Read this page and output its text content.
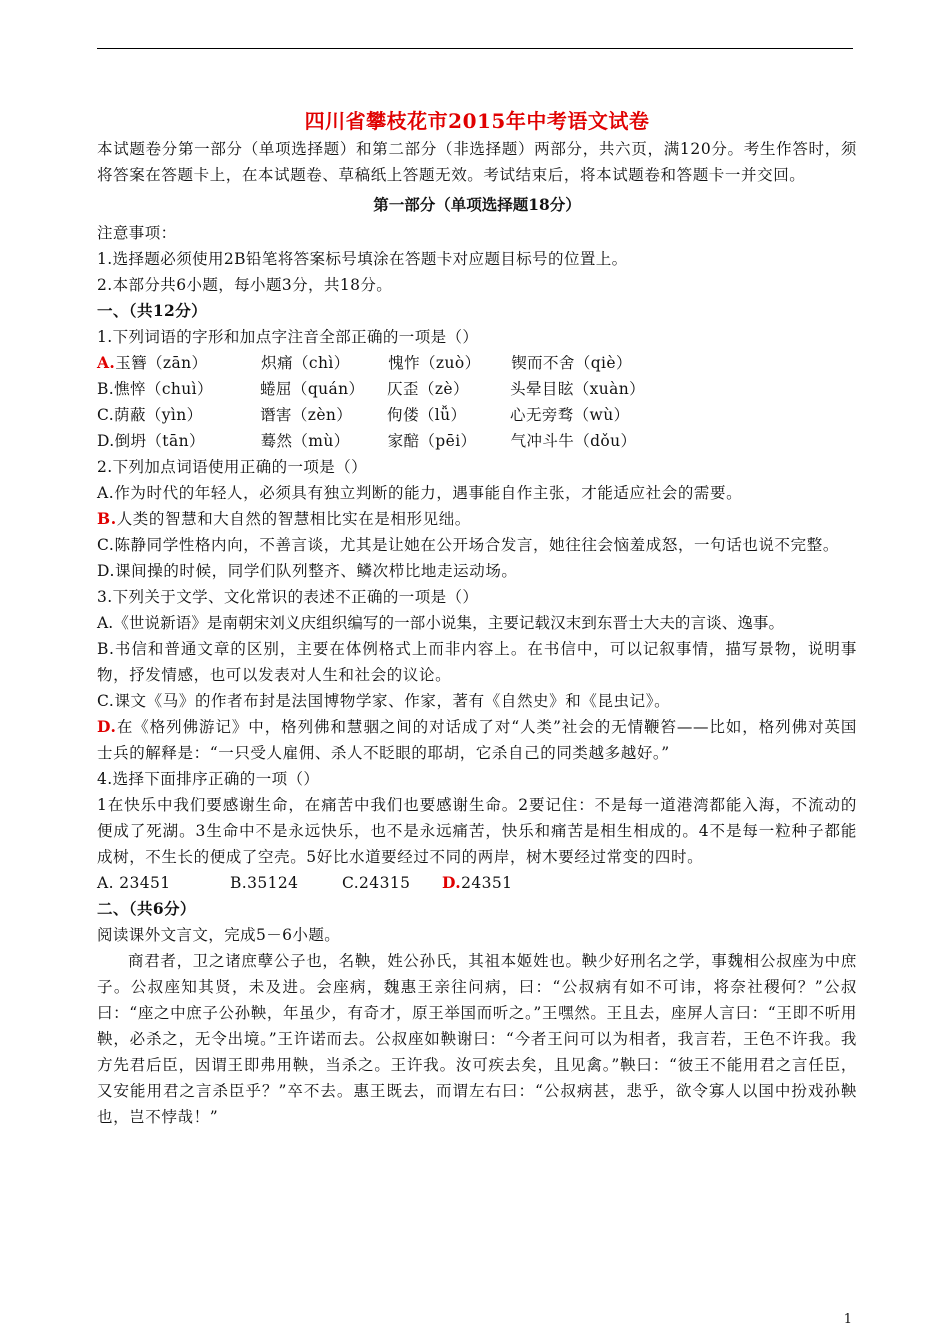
四川省攀枝花市2015年中考语文试卷

本试题卷分第一部分（单项选择题）和第二部分（非选择题）两部分，共六页，满120分。考生作答时，须将答案在答题卡上，在本试题卷、草稿纸上答题无效。考试结束后，将本试题卷和答题卡一并交回。

第一部分（单项选择题18分）

注意事项：

1.选择题必须使用2B铅笔将答案标号填涂在答题卡对应题目标号的位置上。

2.本部分共6小题，每小题3分，共18分。

一、（共12分）

1.下列词语的字形和加点字注音全部正确的一项是（）

A.玉簪（zān）	炽痛（chì） 愧怍（zuò） 锲而不舍（qiè）

B.憔悴（chuì）	蜷屈（quán） 仄歪（zè）	头晕目眩（xuàn）

C.荫蔽（yìn）	谮害（zèn） 佝偻（lǚ）	心无旁骛（wù）

D.倒坍（tān）	蓦然（mù） 家醅（pēi） 气冲斗牛（dǒu）

2.下列加点词语使用正确的一项是（）

A.作为时代的年轻人，必须具有独立判断的能力，遇事能自作主张，才能适应社会的需要。

B.人类的智慧和大自然的智慧相比实在是相形见绌。

C.陈静同学性格内向，不善言谈，尤其是让她在公开场合发言，她往往会恼羞成怒，一句话也说不完整。

D.课间操的时候，同学们队列整齐、鳞次栉比地走运动场。

3.下列关于文学、文化常识的表述不正确的一项是（）

A.《世说新语》是南朝宋刘义庆组织编写的一部小说集，主要记载汉末到东晋士大夫的言谈、逸事。

B.书信和普通文章的区别，主要在体例格式上而非内容上。在书信中，可以记叙事情，描写景物，说明事物，抒发情感，也可以发表对人生和社会的议论。

C.课文《马》的作者布封是法国博物学家、作家，著有《自然史》和《昆虫记》。

D.在《格列佛游记》中，格列佛和慧骃之间的对话成了对“人类”社会的无情鞭笞——比如，格列佛对英国士兵的解释是：“一只受人雇佣、杀人不眨眼的耶胡，它杀自己的同类越多越好。”

4.选择下面排序正确的一项（）

1在快乐中我们要感谢生命，在痛苦中我们也要感谢生命。2要记住：不是每一道港湾都能入海，不流动的便成了死湖。3生命中不是永远快乐，也不是永远痛苦，快乐和痛苦是相生相成的。4不是每一粒种子都能成树，不生长的便成了空壳。5好比水道要经过不同的两岸，树木要经过常变的四时。

A. 23451	B.35124	C.24315 D.24351

二、（共6分）

阅读课外文言文，完成5－6小题。

商君者，卫之诸庶孽公子也，名鞅，姓公孙氏，其祖本姬姓也。鞅少好刑名之学，事魏相公叔座为中庶子。公叔座知其贤，未及进。会座病，魏惠王亲往问病，曰：“公叔病有如不可讳，将奈社稷何？”公叔曰：“座之中庶子公孙鞅，年虽少，有奇才，原王举国而听之。”王嘿然。王且去，座屏人言曰：“王即不听用鞅，必杀之，无令出境。”王许诺而去。公叔座如鞅谢曰：“今者王问可以为相者，我言若，王色不许我。我方先君后臣，因谓王即弗用鞅，当杀之。王许我。汝可疾去矣，且见禽。”鞅曰：“彼王不能用君之言任臣，又安能用君之言杀臣乎？”卒不去。惠王既去，而谓左右曰：“公叔病甚，悲乎，欲令寡人以国中扮戏孙鞅也，岂不悖哉！”

1
